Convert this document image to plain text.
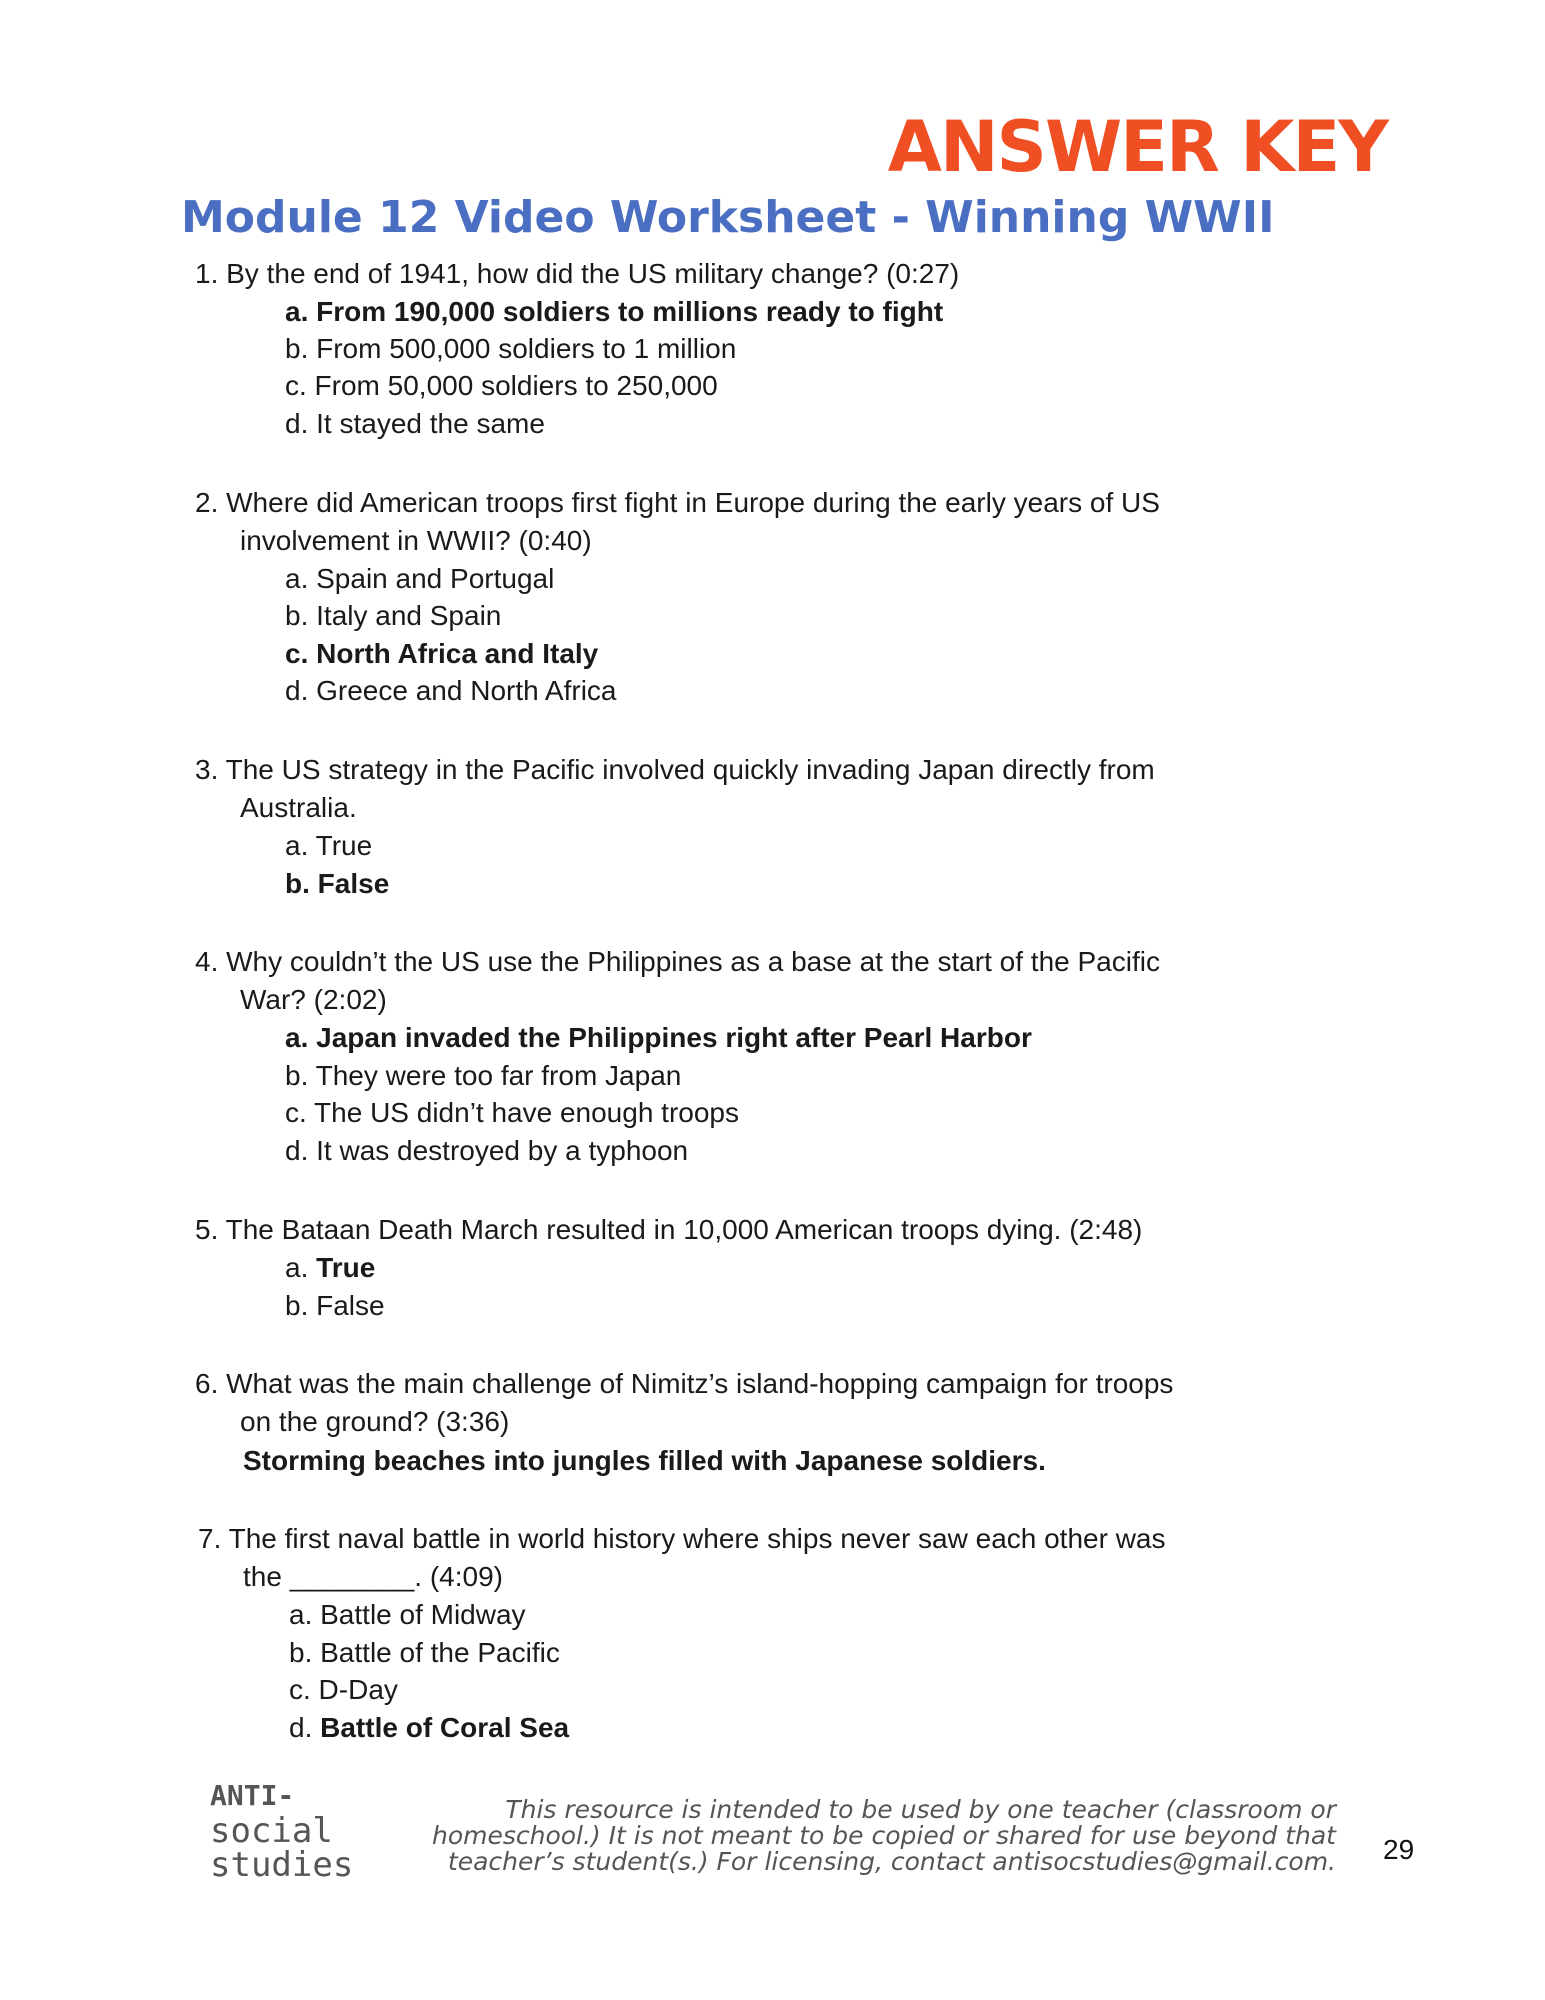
ANSWER KEY
Module 12 Video Worksheet - Winning WWII
1. By the end of 1941, how did the US military change? (0:27)
a. From 190,000 soldiers to millions ready to fight
b. From 500,000 soldiers to 1 million
c. From 50,000 soldiers to 250,000
d. It stayed the same
2. Where did American troops first fight in Europe during the early years of US
involvement in WWII? (0:40)
a. Spain and Portugal
b. Italy and Spain
c. North Africa and Italy
d. Greece and North Africa
3. The US strategy in the Pacific involved quickly invading Japan directly from
Australia.
a. True
b. False
4. Why couldn’t the US use the Philippines as a base at the start of the Pacific
War? (2:02)
a. Japan invaded the Philippines right after Pearl Harbor
b. They were too far from Japan
c. The US didn’t have enough troops
d. It was destroyed by a typhoon
5. The Bataan Death March resulted in 10,000 American troops dying. (2:48)
a. True
b. False
6. What was the main challenge of Nimitz’s island-hopping campaign for troops
on the ground? (3:36)
Storming beaches into jungles filled with Japanese soldiers.
7. The first naval battle in world history where ships never saw each other was
the ________. (4:09)
a. Battle of Midway
b. Battle of the Pacific
c. D-Day
d. Battle of Coral Sea
ANTI-
social
studies
This resource is intended to be used by one teacher (classroom or
homeschool.) It is not meant to be copied or shared for use beyond that
teacher’s student(s.) For licensing, contact antisocstudies@gmail.com. 29
